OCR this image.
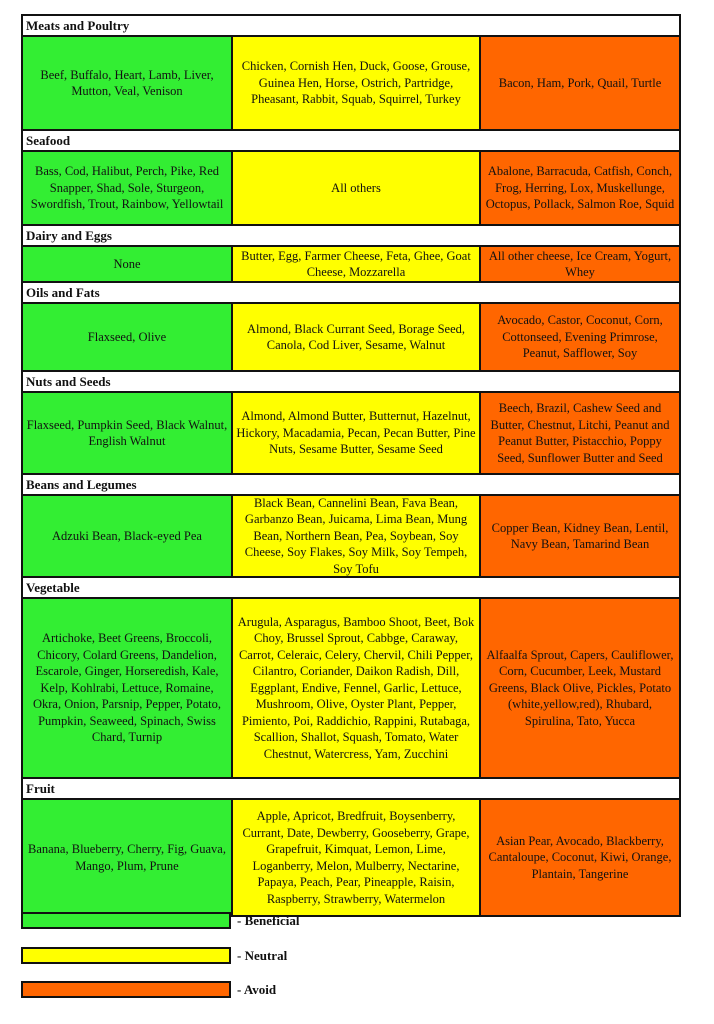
Meats and Poultry
Beef, Buffalo, Heart, Lamb, Liver, Mutton, Veal, Venison
Chicken, Cornish Hen, Duck, Goose, Grouse, Guinea Hen, Horse, Ostrich, Partridge, Pheasant, Rabbit, Squab, Squirrel, Turkey
Bacon, Ham, Pork, Quail, Turtle
Seafood
Bass, Cod, Halibut, Perch, Pike, Red Snapper, Shad, Sole, Sturgeon, Swordfish, Trout, Rainbow, Yellowtail
All others
Abalone, Barracuda, Catfish, Conch, Frog, Herring, Lox, Muskellunge, Octopus, Pollack, Salmon Roe, Squid
Dairy and Eggs
None
Butter, Egg, Farmer Cheese, Feta, Ghee, Goat Cheese, Mozzarella
All other cheese, Ice Cream, Yogurt, Whey
Oils and Fats
Flaxseed, Olive
Almond, Black Currant Seed, Borage Seed, Canola, Cod Liver, Sesame, Walnut
Avocado, Castor, Coconut, Corn, Cottonseed, Evening Primrose, Peanut, Safflower, Soy
Nuts and Seeds
Flaxseed, Pumpkin Seed, Black Walnut, English Walnut
Almond, Almond Butter, Butternut, Hazelnut, Hickory, Macadamia, Pecan, Pecan Butter, Pine Nuts, Sesame Butter, Sesame Seed
Beech, Brazil, Cashew Seed and Butter, Chestnut, Litchi, Peanut and Peanut Butter, Pistacchio, Poppy Seed, Sunflower Butter and Seed
Beans and Legumes
Adzuki Bean, Black-eyed Pea
Black Bean, Cannelini Bean, Fava Bean, Garbanzo Bean, Juicama, Lima Bean, Mung Bean, Northern Bean, Pea, Soybean, Soy Cheese, Soy Flakes, Soy Milk, Soy Tempeh, Soy Tofu
Copper Bean, Kidney Bean, Lentil, Navy Bean, Tamarind Bean
Vegetable
Artichoke, Beet Greens, Broccoli, Chicory, Colard Greens, Dandelion, Escarole, Ginger, Horseredish, Kale, Kelp, Kohlrabi, Lettuce, Romaine, Okra, Onion, Parsnip, Pepper, Potato, Pumpkin, Seaweed, Spinach, Swiss Chard, Turnip
Arugula, Asparagus, Bamboo Shoot, Beet, Bok Choy, Brussel Sprout, Cabbge, Caraway, Carrot, Celeraic, Celery, Chervil, Chili Pepper, Cilantro, Coriander, Daikon Radish, Dill, Eggplant, Endive, Fennel, Garlic, Lettuce, Mushroom, Olive, Oyster Plant, Pepper, Pimiento, Poi, Raddichio, Rappini, Rutabaga, Scallion, Shallot, Squash, Tomato, Water Chestnut, Watercress, Yam, Zucchini
Alfaalfa Sprout, Capers, Cauliflower, Corn, Cucumber, Leek, Mustard Greens, Black Olive, Pickles, Potato (white,yellow,red), Rhubard, Spirulina, Tato, Yucca
Fruit
Banana, Blueberry, Cherry, Fig, Guava, Mango, Plum, Prune
Apple, Apricot, Bredfruit, Boysenberry, Currant, Date, Dewberry, Gooseberry, Grape, Grapefruit, Kimquat, Lemon, Lime, Loganberry, Melon, Mulberry, Nectarine, Papaya, Peach, Pear, Pineapple, Raisin, Raspberry, Strawberry, Watermelon
Asian Pear, Avocado, Blackberry, Cantaloupe, Coconut, Kiwi, Orange, Plantain, Tangerine
- Beneficial
- Neutral
- Avoid
